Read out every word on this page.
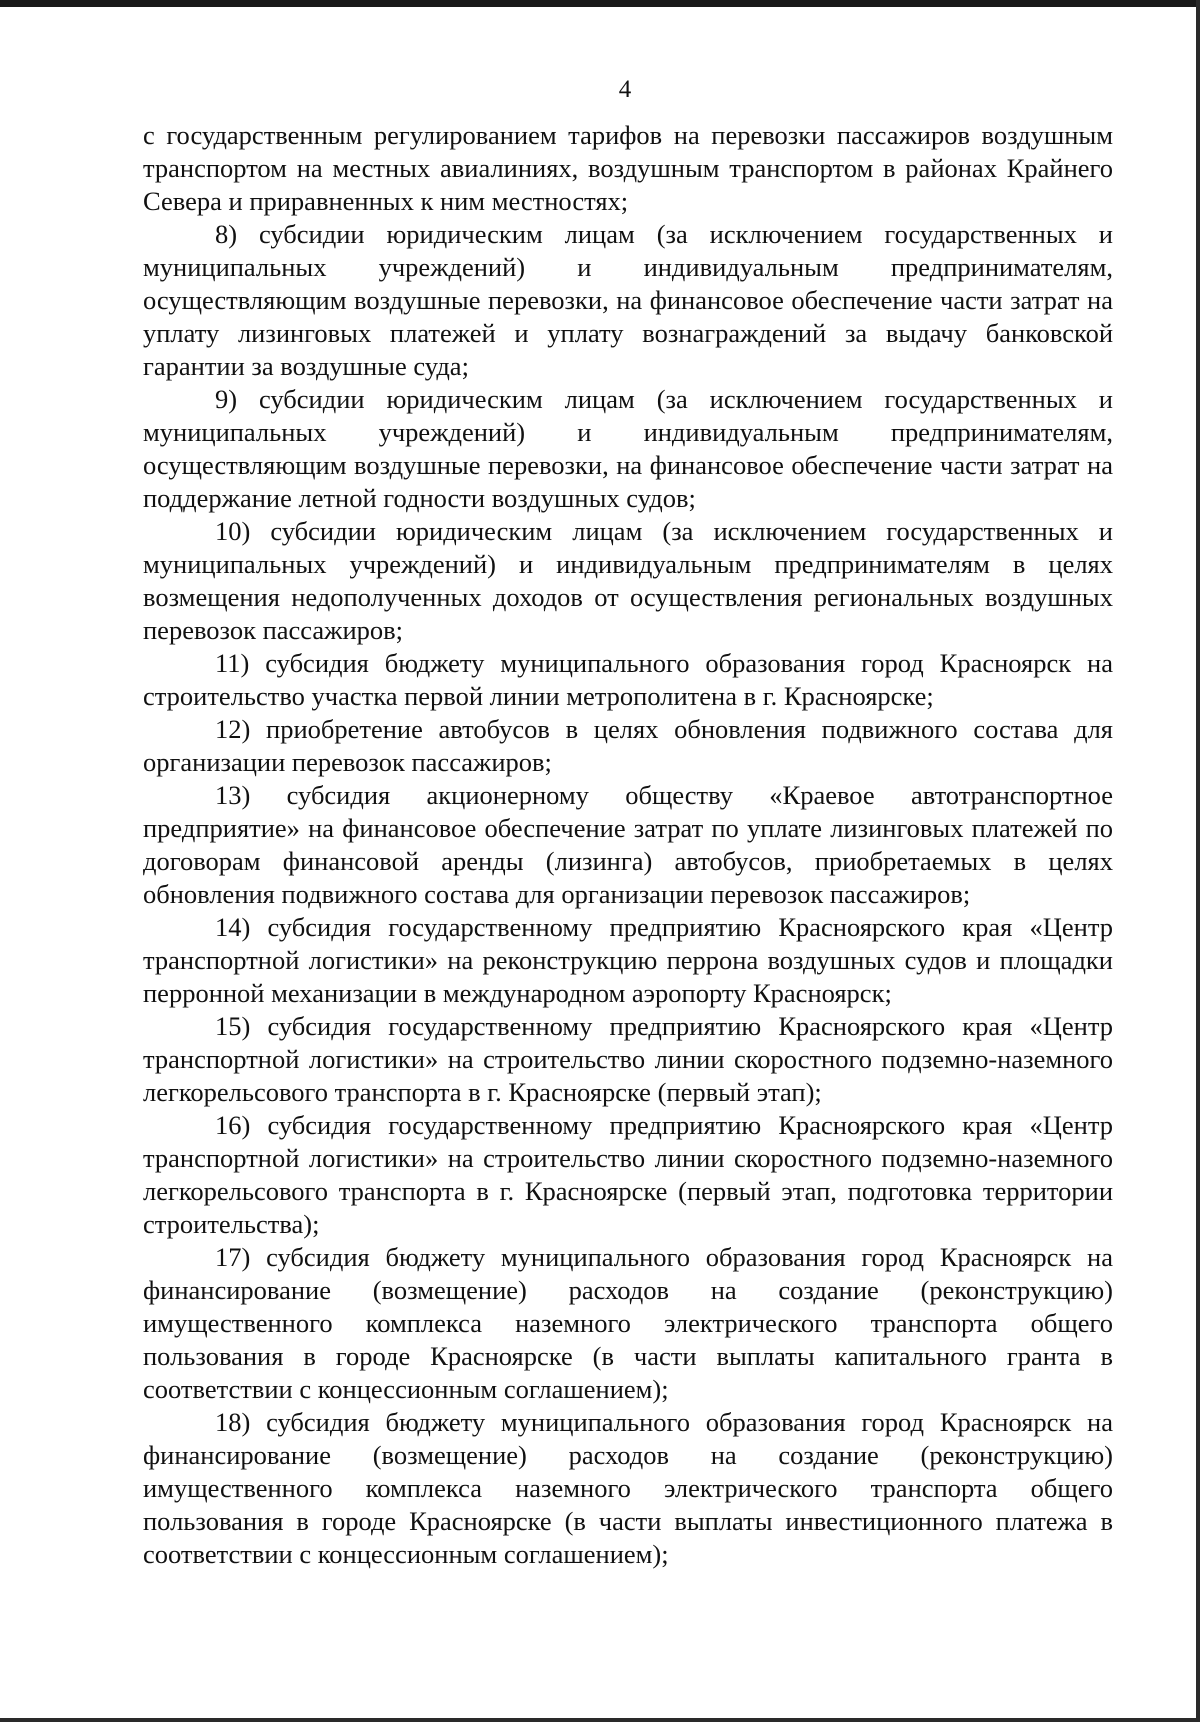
4

с государственным регулированием тарифов на перевозки пассажиров воздушным транспортом на местных авиалиниях, воздушным транспортом в районах Крайнего Севера и приравненных к ним местностях;

8) субсидии юридическим лицам (за исключением государственных и муниципальных учреждений) и индивидуальным предпринимателям, осуществляющим воздушные перевозки, на финансовое обеспечение части затрат на уплату лизинговых платежей и уплату вознаграждений за выдачу банковской гарантии за воздушные суда;

9) субсидии юридическим лицам (за исключением государственных и муниципальных учреждений) и индивидуальным предпринимателям, осуществляющим воздушные перевозки, на финансовое обеспечение части затрат на поддержание летной годности воздушных судов;

10) субсидии юридическим лицам (за исключением государственных и муниципальных учреждений) и индивидуальным предпринимателям в целях возмещения недополученных доходов от осуществления региональных воздушных перевозок пассажиров;

11) субсидия бюджету муниципального образования город Красноярск на строительство участка первой линии метрополитена в г. Красноярске;

12) приобретение автобусов в целях обновления подвижного состава для организации перевозок пассажиров;

13) субсидия акционерному обществу «Краевое автотранспортное предприятие» на финансовое обеспечение затрат по уплате лизинговых платежей по договорам финансовой аренды (лизинга) автобусов, приобретаемых в целях обновления подвижного состава для организации перевозок пассажиров;

14) субсидия государственному предприятию Красноярского края «Центр транспортной логистики» на реконструкцию перрона воздушных судов и площадки перронной механизации в международном аэропорту Красноярск;

15) субсидия государственному предприятию Красноярского края «Центр транспортной логистики» на строительство линии скоростного подземно-наземного легкорельсового транспорта в г. Красноярске (первый этап);

16) субсидия государственному предприятию Красноярского края «Центр транспортной логистики» на строительство линии скоростного подземно-наземного легкорельсового транспорта в г. Красноярске (первый этап, подготовка территории строительства);

17) субсидия бюджету муниципального образования город Красноярск на финансирование (возмещение) расходов на создание (реконструкцию) имущественного комплекса наземного электрического транспорта общего пользования в городе Красноярске (в части выплаты капитального гранта в соответствии с концессионным соглашением);

18) субсидия бюджету муниципального образования город Красноярск на финансирование (возмещение) расходов на создание (реконструкцию) имущественного комплекса наземного электрического транспорта общего пользования в городе Красноярске (в части выплаты инвестиционного платежа в соответствии с концессионным соглашением);
